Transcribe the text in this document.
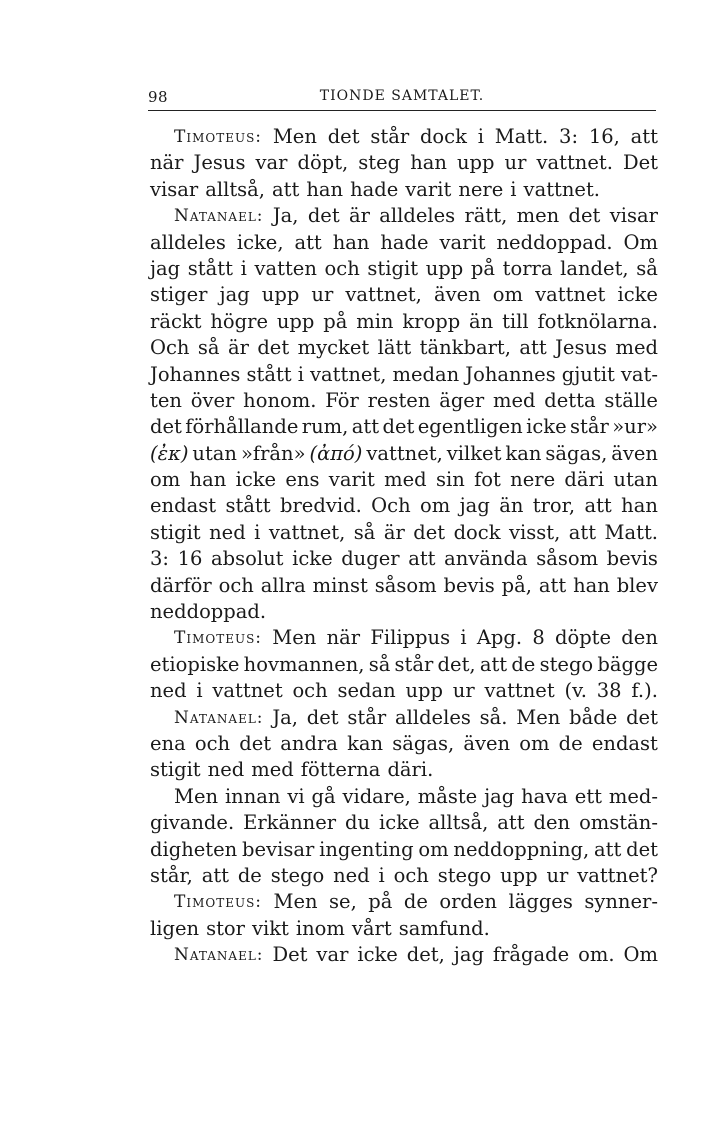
98	TIONDE SAMTALET.
Timoteus: Men det står dock i Matt. 3: 16, att
när Jesus var döpt, steg han upp ur vattnet. Det
visar alltså, att han hade varit nere i vattnet.
Natanael: Ja, det är alldeles rätt, men det visar
alldeles icke, att han hade varit neddoppad. Om
jag stått i vatten och stigit upp på torra landet, så
stiger jag upp ur vattnet, även om vattnet icke
räckt högre upp på min kropp än till fotknölarna.
Och så är det mycket lätt tänkbart, att Jesus med
Johannes stått i vattnet, medan Johannes gjutit vat-
ten över honom. För resten äger med detta ställe
det förhållande rum, att det egentligen icke står »ur»
(ἐκ) utan »från» (ἀπό) vattnet, vilket kan sägas, även
om han icke ens varit med sin fot nere däri utan
endast stått bredvid. Och om jag än tror, att han
stigit ned i vattnet, så är det dock visst, att Matt.
3: 16 absolut icke duger att använda såsom bevis
därför och allra minst såsom bevis på, att han blev
neddoppad.
Timoteus: Men när Filippus i Apg. 8 döpte den
etiopiske hovmannen, så står det, att de stego bägge
ned i vattnet och sedan upp ur vattnet (v. 38 f.).
Natanael: Ja, det står alldeles så. Men både det
ena och det andra kan sägas, även om de endast
stigit ned med fötterna däri.
Men innan vi gå vidare, måste jag hava ett med-
givande. Erkänner du icke alltså, att den omstän-
digheten bevisar ingenting om neddoppning, att det
står, att de stego ned i och stego upp ur vattnet?
Timoteus: Men se, på de orden lägges synner-
ligen stor vikt inom vårt samfund.
Natanael: Det var icke det, jag frågade om. Om
